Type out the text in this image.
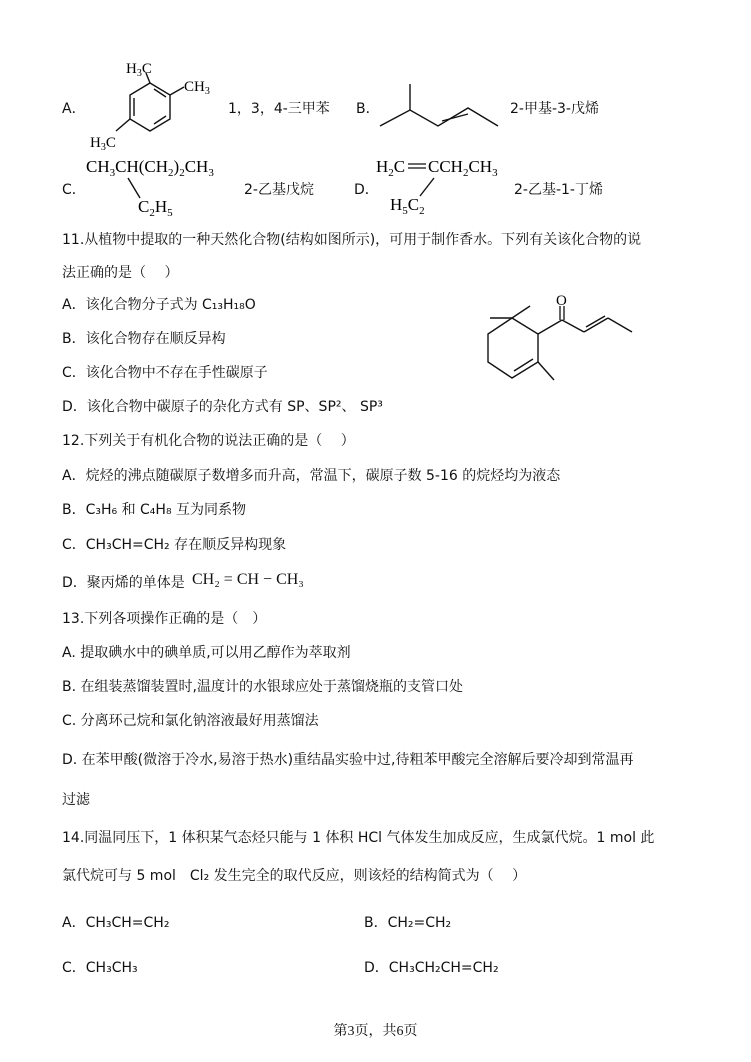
A．
$H_3C$
$CH_3$
$H_3C$
1，3，4-三甲苯 B．	2-甲基-3-戊烯
C．
$CH_3CH(CH_2)_2CH_3$
$C_2H_5$
2-乙基戊烷	D．
$H_2C$ $CCH_2CH_3$
$H_5C_2$
2-乙基-1-丁烯
11.从植物中提取的一种天然化合物(结构如图所示)，可用于制作香水。下列有关该化合物的说
法正确的是（　 ）
A．该化合物分子式为 C₁₃H₁₈O
B．该化合物存在顺反异构
C．该化合物中不存在手性碳原子
D．该化合物中碳原子的杂化方式有 SP、SP²、 SP³
O
12.下列关于有机化合物的说法正确的是（　 ）
A．烷烃的沸点随碳原子数增多而升高，常温下，碳原子数 5-16 的烷烃均为液态
B．C₃H₆ 和 C₄H₈ 互为同系物
C．CH₃CH=CH₂ 存在顺反异构现象
D．聚丙烯的单体是 CH₂ = CH − CH₃
13.下列各项操作正确的是（　）
A. 提取碘水中的碘单质,可以用乙醇作为萃取剂
B. 在组装蒸馏装置时,温度计的水银球应处于蒸馏烧瓶的支管口处
C. 分离环己烷和氯化钠溶液最好用蒸馏法
D. 在苯甲酸(微溶于冷水,易溶于热水)重结晶实验中过,待粗苯甲酸完全溶解后要冷却到常温再
过滤
14.同温同压下，1 体积某气态烃只能与 1 体积 HCl 气体发生加成反应，生成氯代烷。1 mol 此
氯代烷可与 5 mol　Cl₂ 发生完全的取代反应，则该烃的结构简式为（　 ）
A．CH₃CH=CH₂	B．CH₂=CH₂
C．CH₃CH₃	D．CH₃CH₂CH=CH₂
第3页，共6页
